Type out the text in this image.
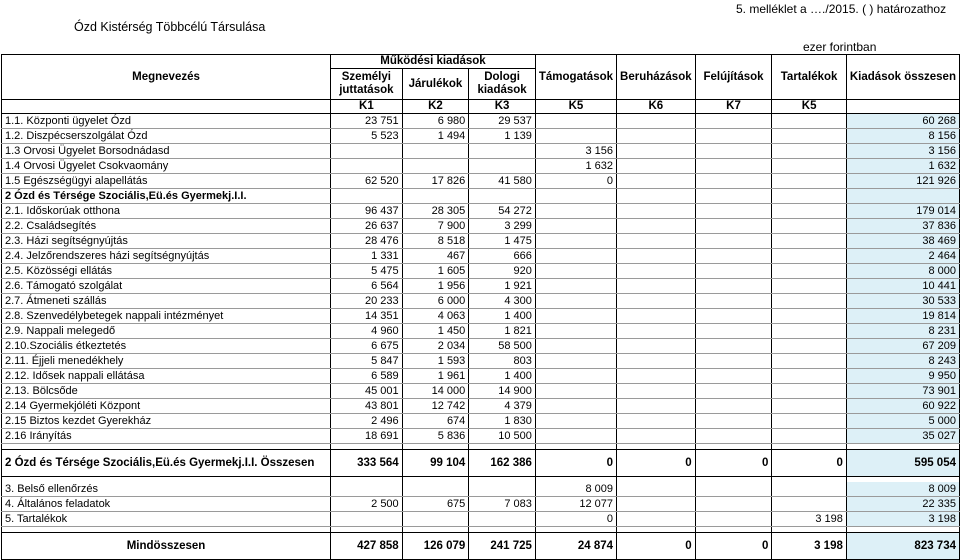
Ózd Kistérség Többcélú Társulása
5. melléklet a …./2015. ( ) határozathoz
ezer forintban
Megnevezés	Működési kiadások			Támogatások	Beruházások	Felújítások	Tartalékok	Kiadások összesen
	Személyi juttatások	Járulékok	Dologi kiadások					
	K1	K2	K3	K5	K6	K7	K5	
1.1. Központi ügyelet Ózd	23 751	6 980	29 537					60 268
1.2. Diszpécserszolgálat Ózd	5 523	1 494	1 139					8 156
1.3 Orvosi Ügyelet Borsodnádasd				3 156				3 156
1.4 Orvosi Ügyelet Csokvaomány				1 632				1 632
1.5 Egészségügyi alapellátás	62 520	17 826	41 580	0				121 926
2 Ózd és Térsége Szociális,Eü.és Gyermekj.I.I.								
2.1. Időskorúak otthona	96 437	28 305	54 272					179 014
2.2. Családsegítés	26 637	7 900	3 299					37 836
2.3. Házi segítségnyújtás	28 476	8 518	1 475					38 469
2.4. Jelzőrendszeres házi segítségnyújtás	1 331	467	666					2 464
2.5. Közösségi ellátás	5 475	1 605	920					8 000
2.6. Támogató szolgálat	6 564	1 956	1 921					10 441
2.7. Átmeneti szállás	20 233	6 000	4 300					30 533
2.8. Szenvedélybetegek nappali intézményet	14 351	4 063	1 400					19 814
2.9. Nappali melegedő	4 960	1 450	1 821					8 231
2.10.Szociális étkeztetés	6 675	2 034	58 500					67 209
2.11. Éjjeli menedékhely	5 847	1 593	803					8 243
2.12. Idősek nappali ellátása	6 589	1 961	1 400					9 950
2.13. Bölcsőde	45 001	14 000	14 900					73 901
2.14 Gyermekjóléti Központ	43 801	12 742	4 379					60 922
2.15 Biztos kezdet Gyerekház	2 496	674	1 830					5 000
2.16 Irányítás	18 691	5 836	10 500					35 027

2 Ózd és Térsége Szociális,Eü.és Gyermekj.I.I. Összesen	333 564	99 104	162 386	0	0	0	0	595 054

3. Belső ellenőrzés				8 009				8 009
4. Általános feladatok	2 500	675	7 083	12 077				22 335
5. Tartalékok				0			3 198	3 198

Mindösszesen	427 858	126 079	241 725	24 874	0	0	3 198	823 734
